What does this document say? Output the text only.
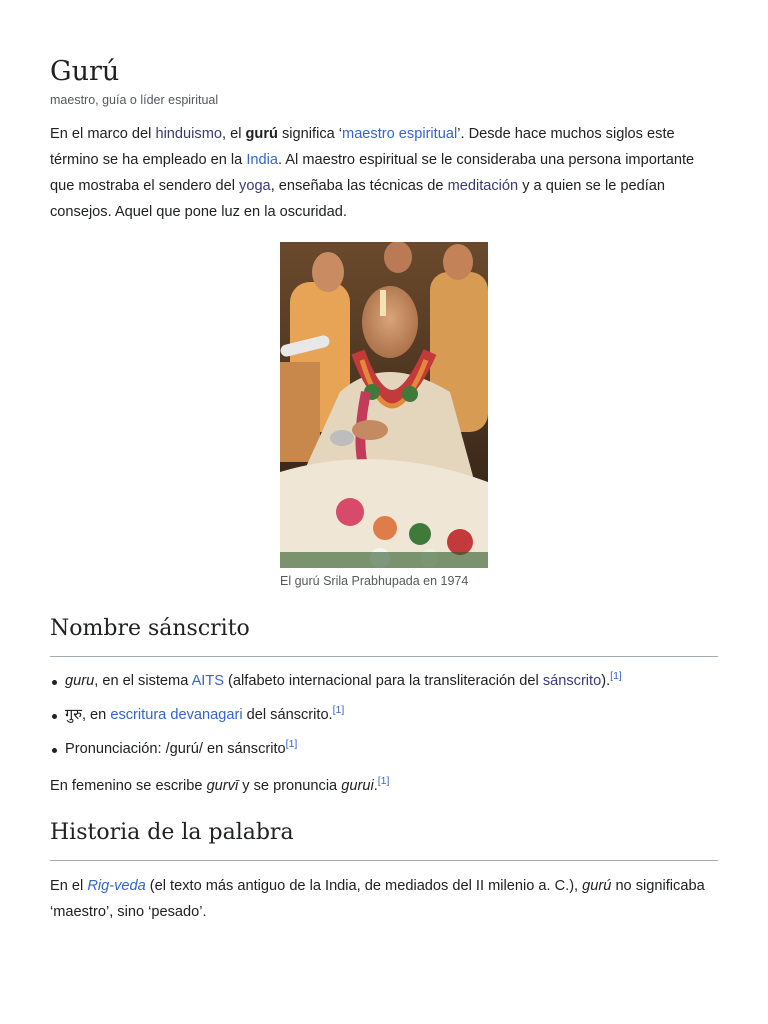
Gurú
maestro, guía o líder espiritual

En el marco del hinduismo, el gurú significa ‘maestro espiritual’. Desde hace muchos siglos este término se ha empleado en la India. Al maestro espiritual se le consideraba una persona importante que mostraba el sendero del yoga, enseñaba las técnicas de meditación y a quien se le pedían consejos. Aquel que pone luz en la oscuridad.

El gurú Srila Prabhupada en 1974
Nombre sánscrito
guru, en el sistema AITS (alfabeto internacional para la transliteración del sánscrito).[1]
गुरु, en escritura devanagari del sánscrito.[1]
Pronunciación: /gurú/ en sánscrito[1]

En femenino se escribe gurvī y se pronuncia gurui.[1]

Historia de la palabra

En el Rig-veda (el texto más antiguo de la India, de mediados del II milenio a. C.), gurú no significaba ‘maestro’, sino ‘pesado’.
